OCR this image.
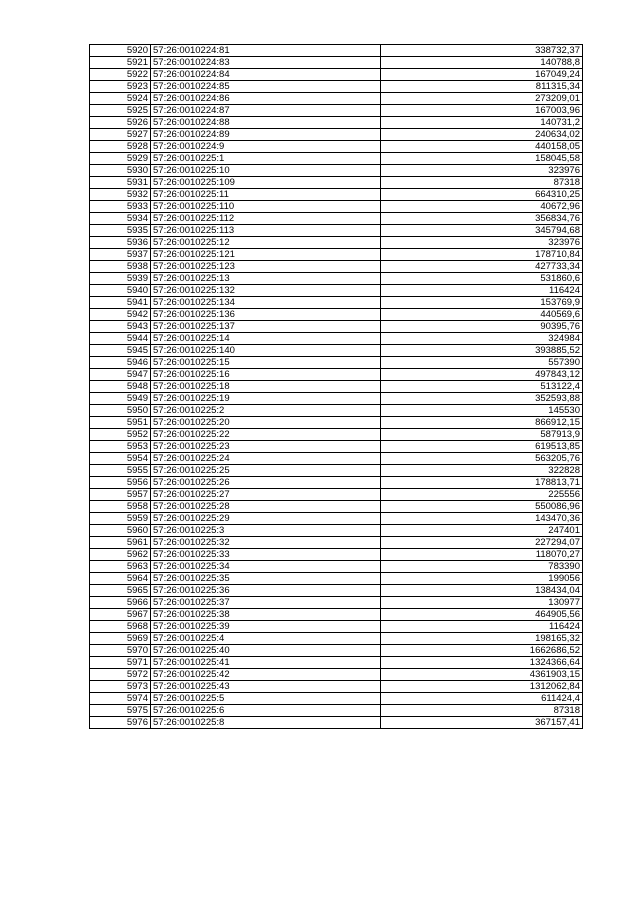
5920	57:26:0010224:81	338732,37
5921	57:26:0010224:83	140788,8
5922	57:26:0010224:84	167049,24
5923	57:26:0010224:85	811315,34
5924	57:26:0010224:86	273209,01
5925	57:26:0010224:87	167003,96
5926	57:26:0010224:88	140731,2
5927	57:26:0010224:89	240634,02
5928	57:26:0010224:9	440158,05
5929	57:26:0010225:1	158045,58
5930	57:26:0010225:10	323976
5931	57:26:0010225:109	87318
5932	57:26:0010225:11	664310,25
5933	57:26:0010225:110	40672,96
5934	57:26:0010225:112	356834,76
5935	57:26:0010225:113	345794,68
5936	57:26:0010225:12	323976
5937	57:26:0010225:121	178710,84
5938	57:26:0010225:123	427733,34
5939	57:26:0010225:13	531860,6
5940	57:26:0010225:132	116424
5941	57:26:0010225:134	153769,9
5942	57:26:0010225:136	440569,6
5943	57:26:0010225:137	90395,76
5944	57:26:0010225:14	324984
5945	57:26:0010225:140	393885,52
5946	57:26:0010225:15	557390
5947	57:26:0010225:16	497843,12
5948	57:26:0010225:18	513122,4
5949	57:26:0010225:19	352593,88
5950	57:26:0010225:2	145530
5951	57:26:0010225:20	866912,15
5952	57:26:0010225:22	587913,9
5953	57:26:0010225:23	619513,85
5954	57:26:0010225:24	563205,76
5955	57:26:0010225:25	322828
5956	57:26:0010225:26	178813,71
5957	57:26:0010225:27	225556
5958	57:26:0010225:28	550086,96
5959	57:26:0010225:29	143470,36
5960	57:26:0010225:3	247401
5961	57:26:0010225:32	227294,07
5962	57:26:0010225:33	118070,27
5963	57:26:0010225:34	783390
5964	57:26:0010225:35	199056
5965	57:26:0010225:36	138434,04
5966	57:26:0010225:37	130977
5967	57:26:0010225:38	464905,56
5968	57:26:0010225:39	116424
5969	57:26:0010225:4	198165,32
5970	57:26:0010225:40	1662686,52
5971	57:26:0010225:41	1324366,64
5972	57:26:0010225:42	4361903,15
5973	57:26:0010225:43	1312062,84
5974	57:26:0010225:5	611424,4
5975	57:26:0010225:6	87318
5976	57:26:0010225:8	367157,41
